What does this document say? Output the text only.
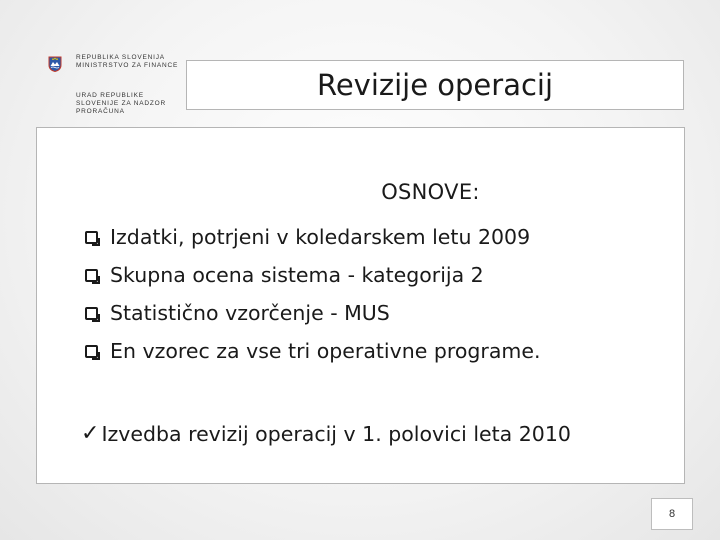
REPUBLIKA SLOVENIJA
MINISTRSTVO ZA FINANCE
URAD REPUBLIKE
SLOVENIJE ZA NADZOR
PRORAČUNA
Revizije operacij
OSNOVE:
Izdatki, potrjeni v koledarskem letu 2009
Skupna ocena sistema - kategorija 2
Statistično vzorčenje - MUS
En vzorec za vse tri operativne programe.
✓ Izvedba revizij operacij v 1. polovici leta 2010
8
